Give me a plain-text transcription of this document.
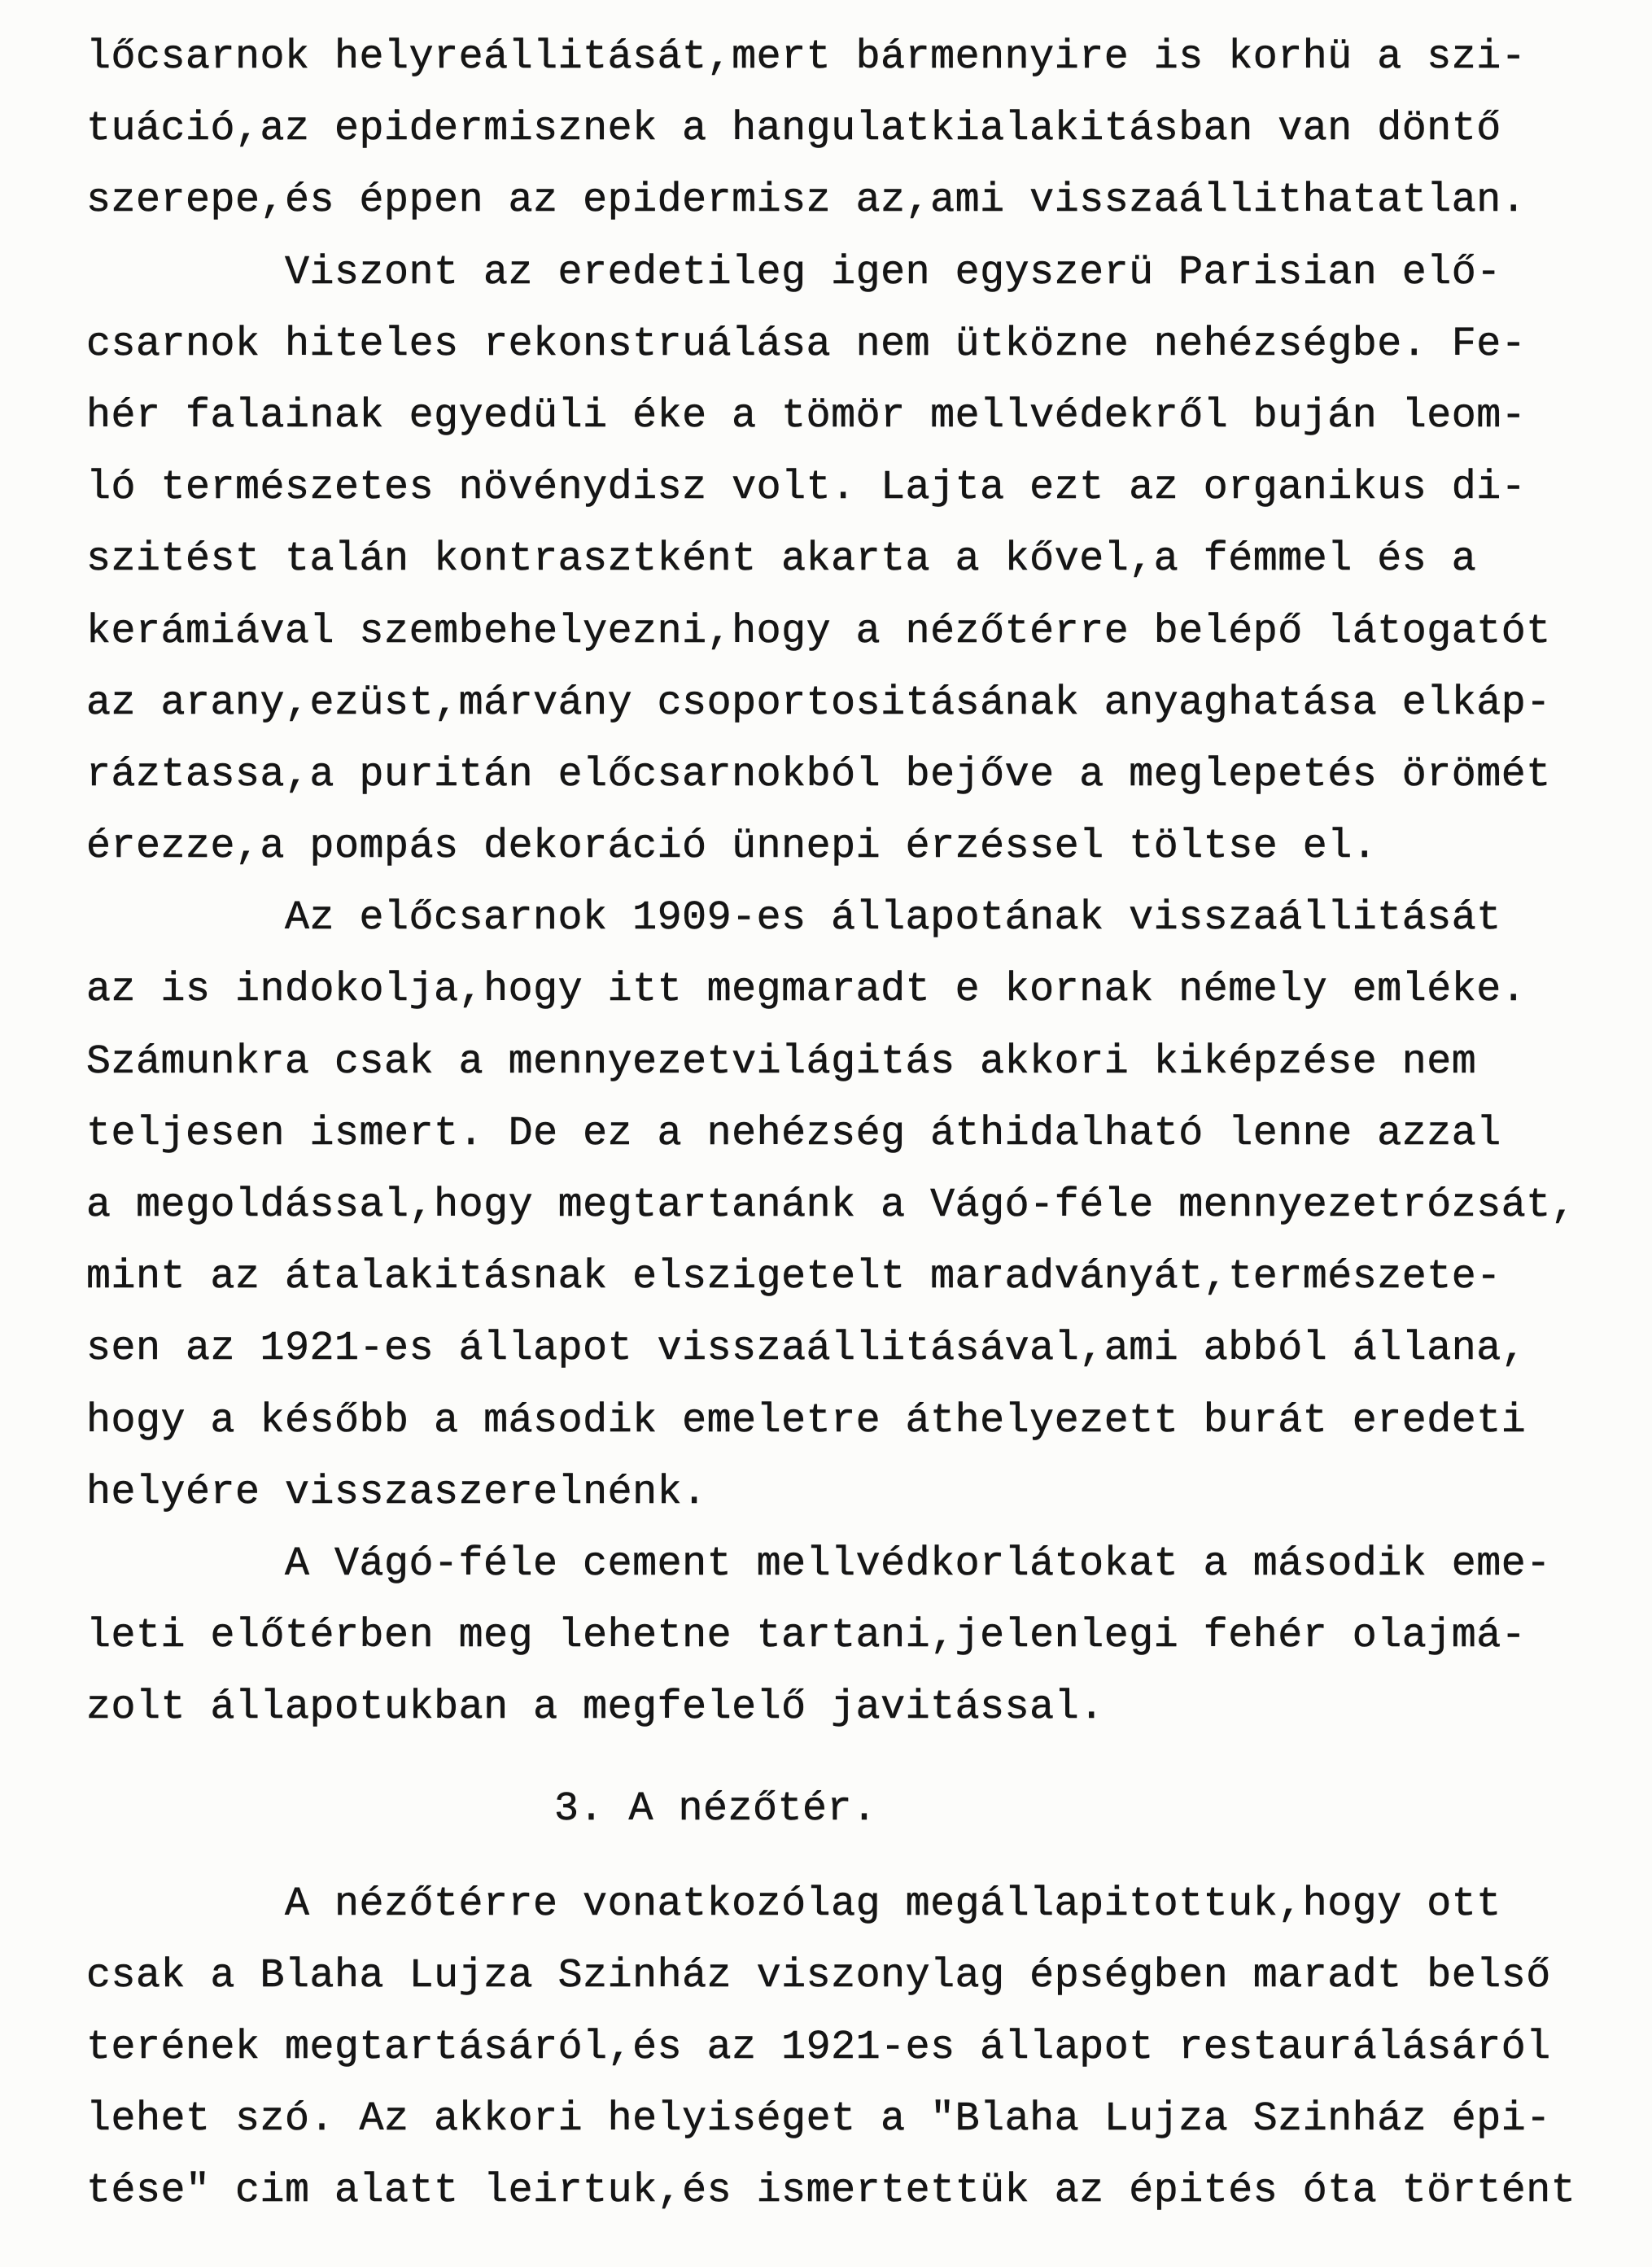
lőcsarnok helyreállitását,mert bármennyire is korhü a szi-
tuáció,az epidermisznek a hangulatkialakitásban van döntő
szerepe,és éppen az epidermisz az,ami visszaállithatatlan.
Viszont az eredetileg igen egyszerü Parisian elő-
csarnok hiteles rekonstruálása nem ütközne nehézségbe. Fe-
hér falainak egyedüli éke a tömör mellvédekről buján leom-
ló természetes növénydisz volt. Lajta ezt az organikus di-
szitést talán kontrasztként akarta a kővel,a fémmel és a
kerámiával szembehelyezni,hogy a nézőtérre belépő látogatót
az arany,ezüst,márvány csoportositásának anyaghatása elkáp-
ráztassa,a puritán előcsarnokból bejőve a meglepetés örömét
érezze,a pompás dekoráció ünnepi érzéssel töltse el.
Az előcsarnok 1909-es állapotának visszaállitását
az is indokolja,hogy itt megmaradt e kornak némely emléke.
Számunkra csak a mennyezetvilágitás akkori kiképzése nem
teljesen ismert. De ez a nehézség áthidalható lenne azzal
a megoldással,hogy megtartanánk a Vágó-féle mennyezetrózsát,
mint az átalakitásnak elszigetelt maradványát,természete-
sen az 1921-es állapot visszaállitásával,ami abból állana,
hogy a később a második emeletre áthelyezett burát eredeti
helyére visszaszerelnénk.
A Vágó-féle cement mellvédkorlátokat a második eme-
leti előtérben meg lehetne tartani,jelenlegi fehér olajmá-
zolt állapotukban a megfelelő javitással.
3. A nézőtér.
A nézőtérre vonatkozólag megállapitottuk,hogy ott
csak a Blaha Lujza Szinház viszonylag épségben maradt belső
terének megtartásáról,és az 1921-es állapot restaurálásáról
lehet szó. Az akkori helyiséget a "Blaha Lujza Szinház épi-
tése" cim alatt leirtuk,és ismertettük az épités óta történt
